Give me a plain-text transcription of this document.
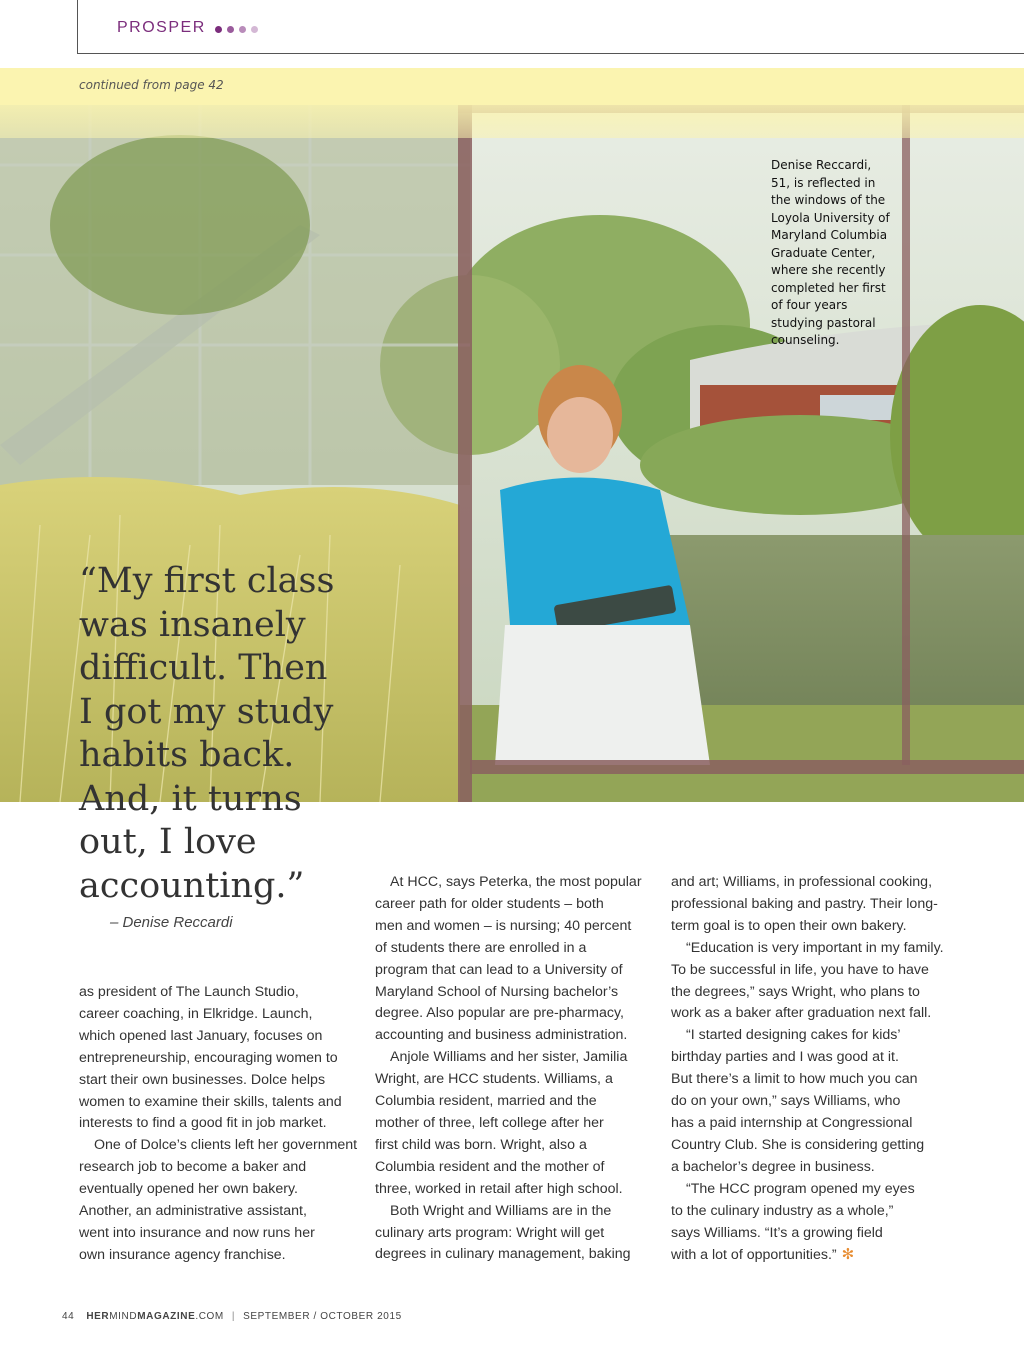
PROSPER
continued from page 42
Denise Reccardi, 51, is reflected in the windows of the Loyola University of Maryland Columbia Graduate Center, where she recently completed her first of four years studying pastoral counseling.
“My first class
was insanely
difficult. Then
I got my study
habits back.
And, it turns
out, I love
accounting.”
– Denise Reccardi

as president of The Launch Studio,
career coaching, in Elkridge. Launch,
which opened last January, focuses on
entrepreneurship, encouraging women to
start their own businesses. Dolce helps
women to examine their skills, talents and
interests to find a good fit in job market.

One of Dolce’s clients left her government
research job to become a baker and
eventually opened her own bakery.
Another, an administrative assistant,
went into insurance and now runs her
own insurance agency franchise.

At HCC, says Peterka, the most popular
career path for older students – both
men and women – is nursing; 40 percent
of students there are enrolled in a
program that can lead to a University of
Maryland School of Nursing bachelor’s
degree. Also popular are pre-pharmacy,
accounting and business administration.

Anjole Williams and her sister, Jamilia
Wright, are HCC students. Williams, a
Columbia resident, married and the
mother of three, left college after her
first child was born. Wright, also a
Columbia resident and the mother of
three, worked in retail after high school.

Both Wright and Williams are in the
culinary arts program: Wright will get
degrees in culinary management, baking

and art; Williams, in professional cooking,
professional baking and pastry. Their long-
term goal is to open their own bakery.

“Education is very important in my family.
To be successful in life, you have to have
the degrees,” says Wright, who plans to
work as a baker after graduation next fall.

“I started designing cakes for kids’
birthday parties and I was good at it.
But there’s a limit to how much you can
do on your own,” says Williams, who
has a paid internship at Congressional
Country Club. She is considering getting
a bachelor’s degree in business.

“The HCC program opened my eyes
to the culinary industry as a whole,”
says Williams. “It’s a growing field
with a lot of opportunities.” ✻

44 HERMINDMAGAZINE.COM | SEPTEMBER / OCTOBER 2015
